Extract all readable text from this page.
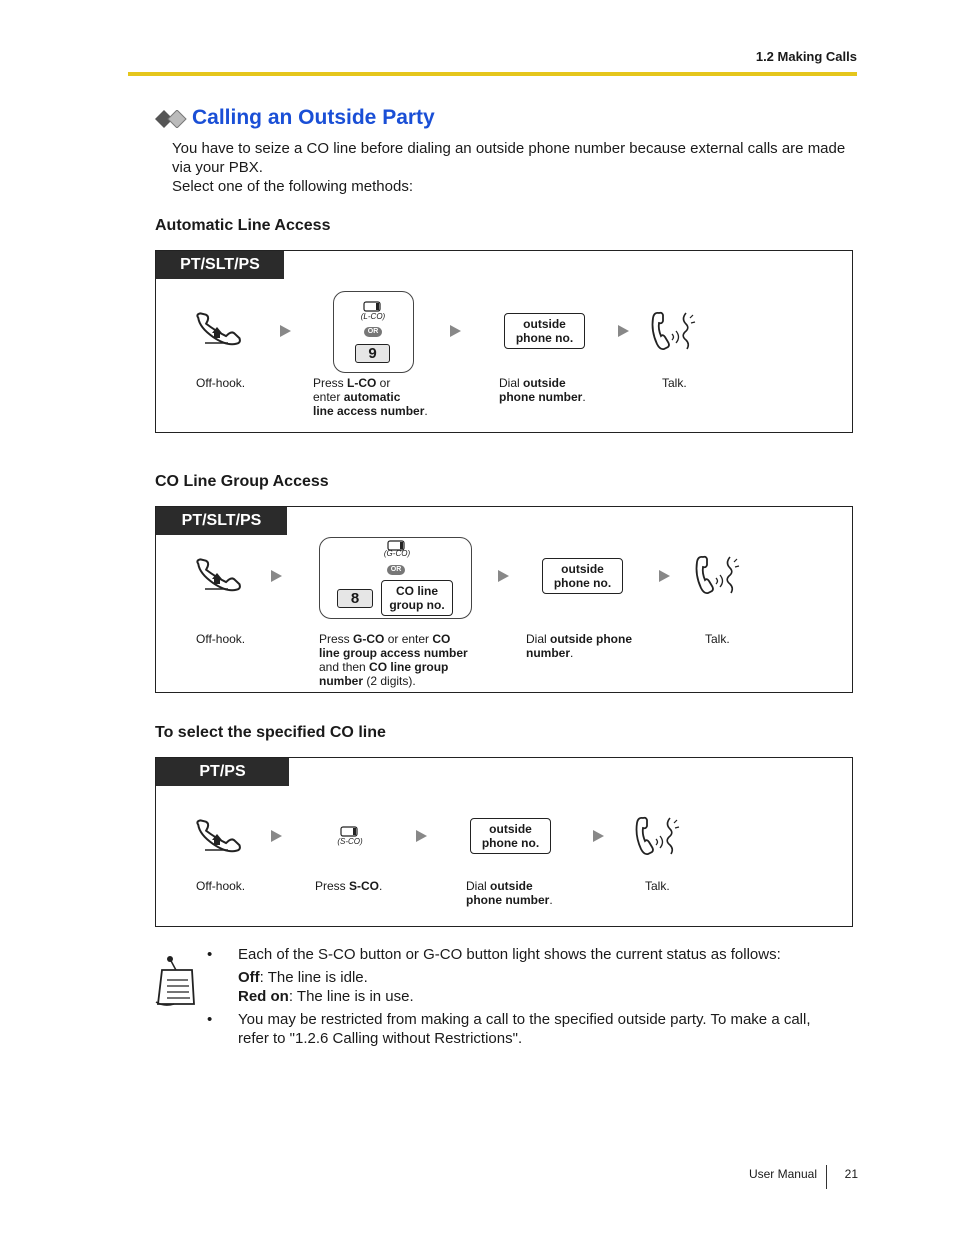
1.2 Making Calls
Calling an Outside Party
You have to seize a CO line before dialing an outside phone number because external calls are made
via your PBX.
Select one of the following methods:
Automatic Line Access
PT/SLT/PS
Off-hook.
(L-CO)
OR
9
Press L-CO or
enter automatic
line access number.
outside
phone no.
Dial outside
phone number.
Talk.
CO Line Group Access
PT/SLT/PS
Off-hook.
(G-CO)
OR
8	CO line
group no.
Press G-CO or enter CO
line group access number
and then CO line group
number (2 digits).
outside
phone no.
Dial outside phone
number.
Talk.
To select the specified CO line
PT/PS
Off-hook.
(S-CO)
Press S-CO.
outside
phone no.
Dial outside
phone number.
Talk.
• Each of the S-CO button or G-CO button light shows the current status as follows:
Off: The line is idle.
Red on: The line is in use.
• You may be restricted from making a call to the specified outside party. To make a call,
refer to "1.2.6 Calling without Restrictions".
User Manual	21
